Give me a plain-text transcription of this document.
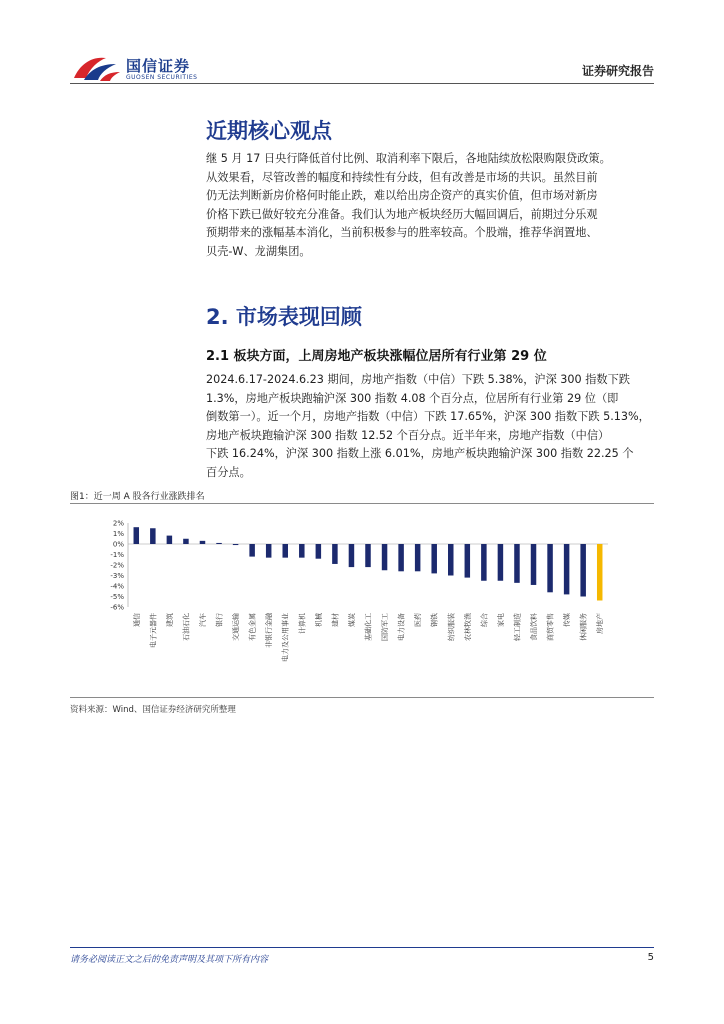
国信证券
GUOSEN SECURITIES	证券研究报告
近期核心观点
继 5 月 17 日央行降低首付比例、取消利率下限后，各地陆续放松限购限贷政策。
从效果看，尽管改善的幅度和持续性有分歧，但有改善是市场的共识。虽然目前
仍无法判断新房价格何时能止跌，难以给出房企资产的真实价值，但市场对新房
价格下跌已做好较充分准备。我们认为地产板块经历大幅回调后，前期过分乐观
预期带来的涨幅基本消化，当前积极参与的胜率较高。个股端，推荐华润置地、
贝壳-W、龙湖集团。
2. 市场表现回顾
2.1 板块方面，上周房地产板块涨幅位居所有行业第 29 位
2024.6.17-2024.6.23 期间，房地产指数（中信）下跌 5.38%，沪深 300 指数下跌
1.3%，房地产板块跑输沪深 300 指数 4.08 个百分点，位居所有行业第 29 位（即
倒数第一）。近一个月，房地产指数（中信）下跌 17.65%，沪深 300 指数下跌 5.13%，
房地产板块跑输沪深 300 指数 12.52 个百分点。近半年来，房地产指数（中信）
下跌 16.24%，沪深 300 指数上涨 6.01%，房地产板块跑输沪深 300 指数 22.25 个
百分点。
图1：近一周 A 股各行业涨跌排名
2%
1%
0%
-1%
-2%
-3%
-4%
-5%
-6%
通信 电子元器件 建筑 石油石化 汽车 银行 交通运输 有色金属 非银行金融 电力及公用事业 计算机 机械 建材 煤炭 基础化工 国防军工 电力设备 医药 钢铁 纺织服装 农林牧渔 综合 家电 轻工制造 食品饮料 商贸零售 传媒 休闲服务 房地产
资料来源：Wind、国信证券经济研究所整理
请务必阅读正文之后的免责声明及其项下所有内容	5
